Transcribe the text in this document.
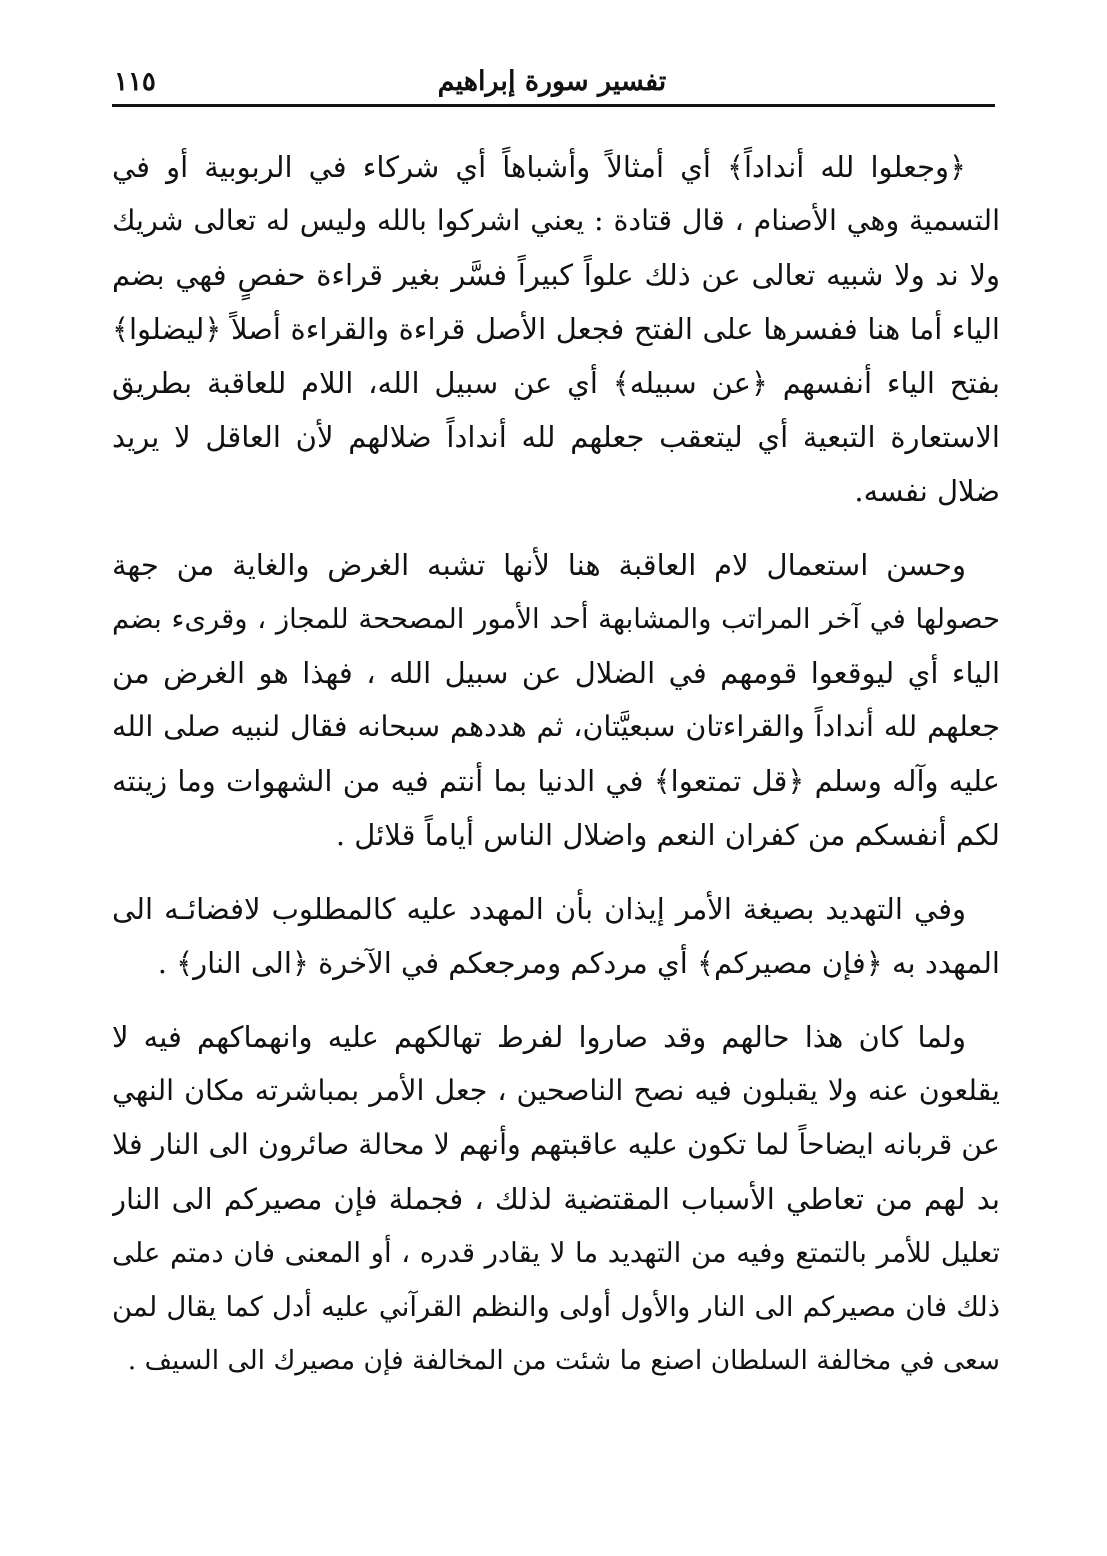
تفسير سورة إبراهيم
١١٥
﴿وجعلوا لله أنداداً﴾ أي أمثالاً وأشباهاً أي شركاء في الربوبية أو في
التسمية وهي الأصنام ، قال قتادة : يعني اشركوا بالله وليس له تعالى شريك
ولا ند ولا شبيه تعالى عن ذلك علواً كبيراً فسَّر بغير قراءة حفصٍ فهي بضم
الياء أما هنا ففسرها على الفتح فجعل الأصل قراءة والقراءة أصلاً ﴿ليضلوا﴾
بفتح الياء أنفسهم ﴿عن سبيله﴾ أي عن سبيل الله، اللام للعاقبة بطريق
الاستعارة التبعية أي ليتعقب جعلهم لله أنداداً ضلالهم لأن العاقل لا يريد
ضلال نفسه.
وحسن استعمال لام العاقبة هنا لأنها تشبه الغرض والغاية من جهة
حصولها في آخر المراتب والمشابهة أحد الأمور المصححة للمجاز ، وقرىء بضم
الياء أي ليوقعوا قومهم في الضلال عن سبيل الله ، فهذا هو الغرض من
جعلهم لله أنداداً والقراءتان سبعيَّتان، ثم هددهم سبحانه فقال لنبيه صلى الله
عليه وآله وسلم ﴿قل تمتعوا﴾ في الدنيا بما أنتم فيه من الشهوات وما زينته
لكم أنفسكم من كفران النعم واضلال الناس أياماً قلائل .
وفي التهديد بصيغة الأمر إيذان بأن المهدد عليه كالمطلوب لافضائـه الى
المهدد به ﴿فإن مصيركم﴾ أي مردكم ومرجعكم في الآخرة ﴿الى النار﴾ .
ولما كان هذا حالهم وقد صاروا لفرط تهالكهم عليه وانهماكهم فيه لا
يقلعون عنه ولا يقبلون فيه نصح الناصحين ، جعل الأمر بمباشرته مكان النهي
عن قربانه ايضاحاً لما تكون عليه عاقبتهم وأنهم لا محالة صائرون الى النار فلا
بد لهم من تعاطي الأسباب المقتضية لذلك ، فجملة فإن مصيركم الى النار
تعليل للأمر بالتمتع وفيه من التهديد ما لا يقادر قدره ، أو المعنى فان دمتم على
ذلك فان مصيركم الى النار والأول أولى والنظم القرآني عليه أدل كما يقال لمن
سعى في مخالفة السلطان اصنع ما شئت من المخالفة فإن مصيرك الى السيف .
